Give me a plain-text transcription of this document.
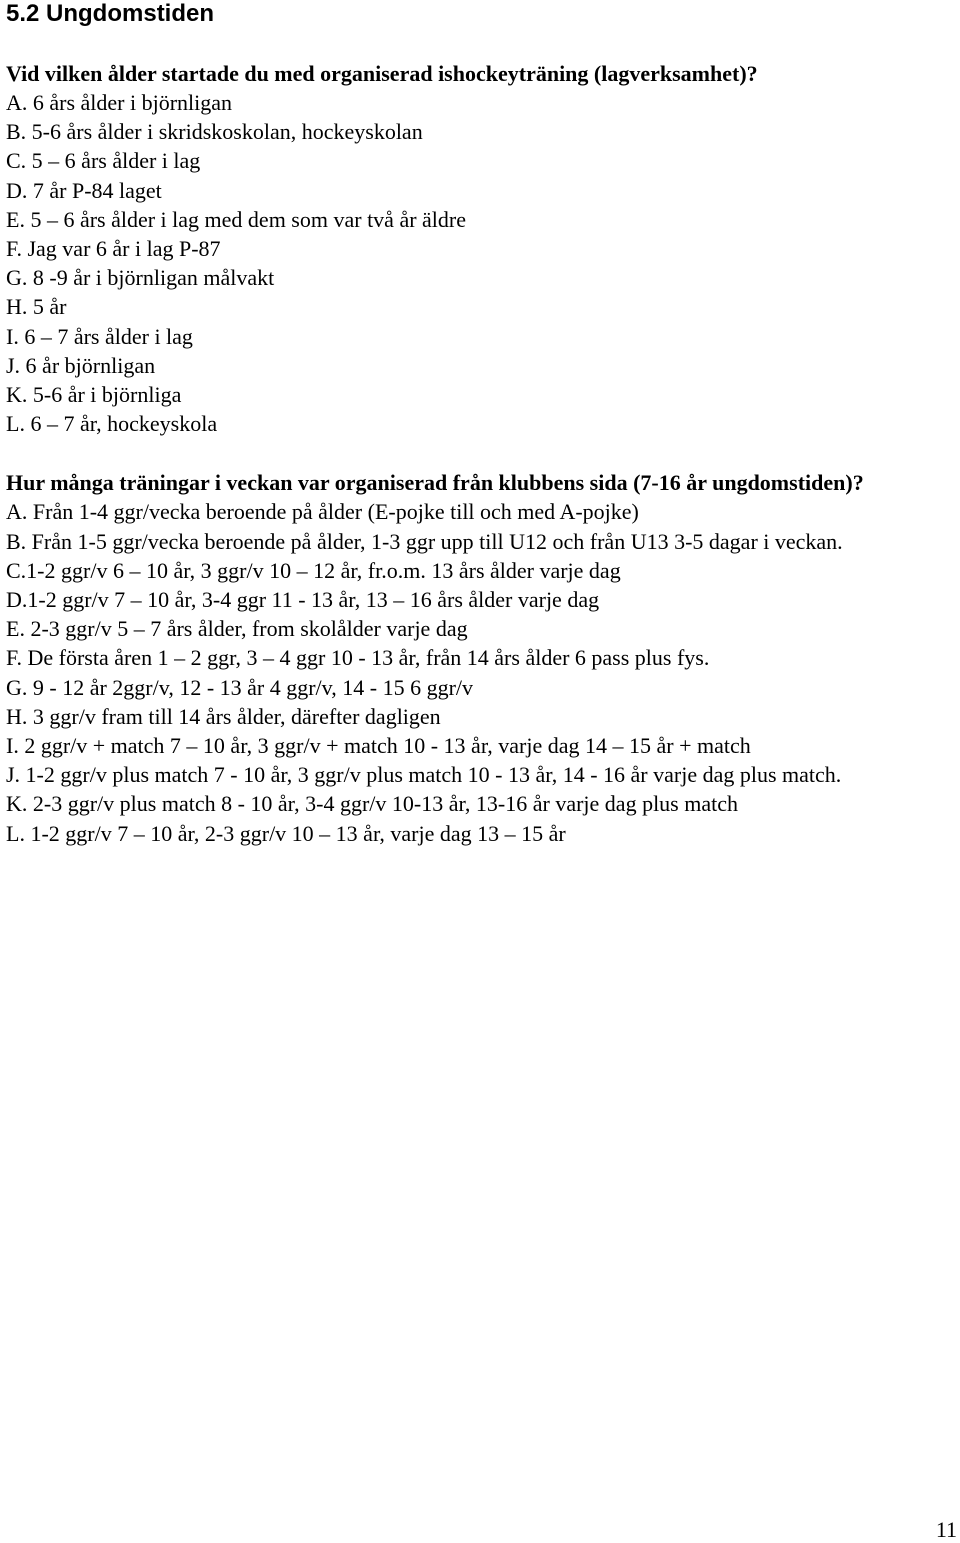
5.2 Ungdomstiden

Vid vilken ålder startade du med organiserad ishockeyträning (lagverksamhet)?

A. 6 års ålder i björnligan
B. 5-6 års ålder i skridskoskolan, hockeyskolan
C. 5 – 6 års ålder i lag
D. 7 år P-84 laget
E. 5 – 6 års ålder i lag med dem som var två år äldre
F. Jag var 6 år i lag P-87
G. 8 -9 år i björnligan målvakt
H. 5 år
I. 6 – 7 års ålder i lag
J. 6 år björnligan
K. 5-6 år i björnliga
L. 6 – 7 år, hockeyskola

Hur många träningar i veckan var organiserad från klubbens sida (7-16 år ungdomstiden)?

A. Från 1-4 ggr/vecka beroende på ålder (E-pojke till och med A-pojke)
B. Från 1-5 ggr/vecka beroende på ålder, 1-3 ggr upp till U12 och från U13 3-5 dagar i veckan.
C.1-2 ggr/v 6 – 10 år, 3 ggr/v 10 – 12 år, fr.o.m. 13 års ålder varje dag
D.1-2 ggr/v 7 – 10 år, 3-4 ggr 11 - 13 år, 13 – 16 års ålder varje dag
E. 2-3 ggr/v 5 – 7 års ålder, from skolålder varje dag
F. De första åren 1 – 2 ggr, 3 – 4 ggr 10 - 13 år, från 14 års ålder 6 pass plus fys.
G. 9 - 12 år 2ggr/v, 12 - 13 år 4 ggr/v, 14 - 15 6 ggr/v
H. 3 ggr/v fram till 14 års ålder, därefter dagligen
I. 2 ggr/v + match 7 – 10 år, 3 ggr/v + match 10 - 13 år, varje dag 14 – 15 år + match
J. 1-2 ggr/v plus match 7 - 10 år, 3 ggr/v plus match 10 - 13 år, 14 - 16 år varje dag plus match.
K. 2-3 ggr/v plus match 8 - 10 år, 3-4 ggr/v 10-13 år, 13-16 år varje dag plus match
L. 1-2 ggr/v 7 – 10 år, 2-3 ggr/v 10 – 13 år, varje dag 13 – 15 år
11
